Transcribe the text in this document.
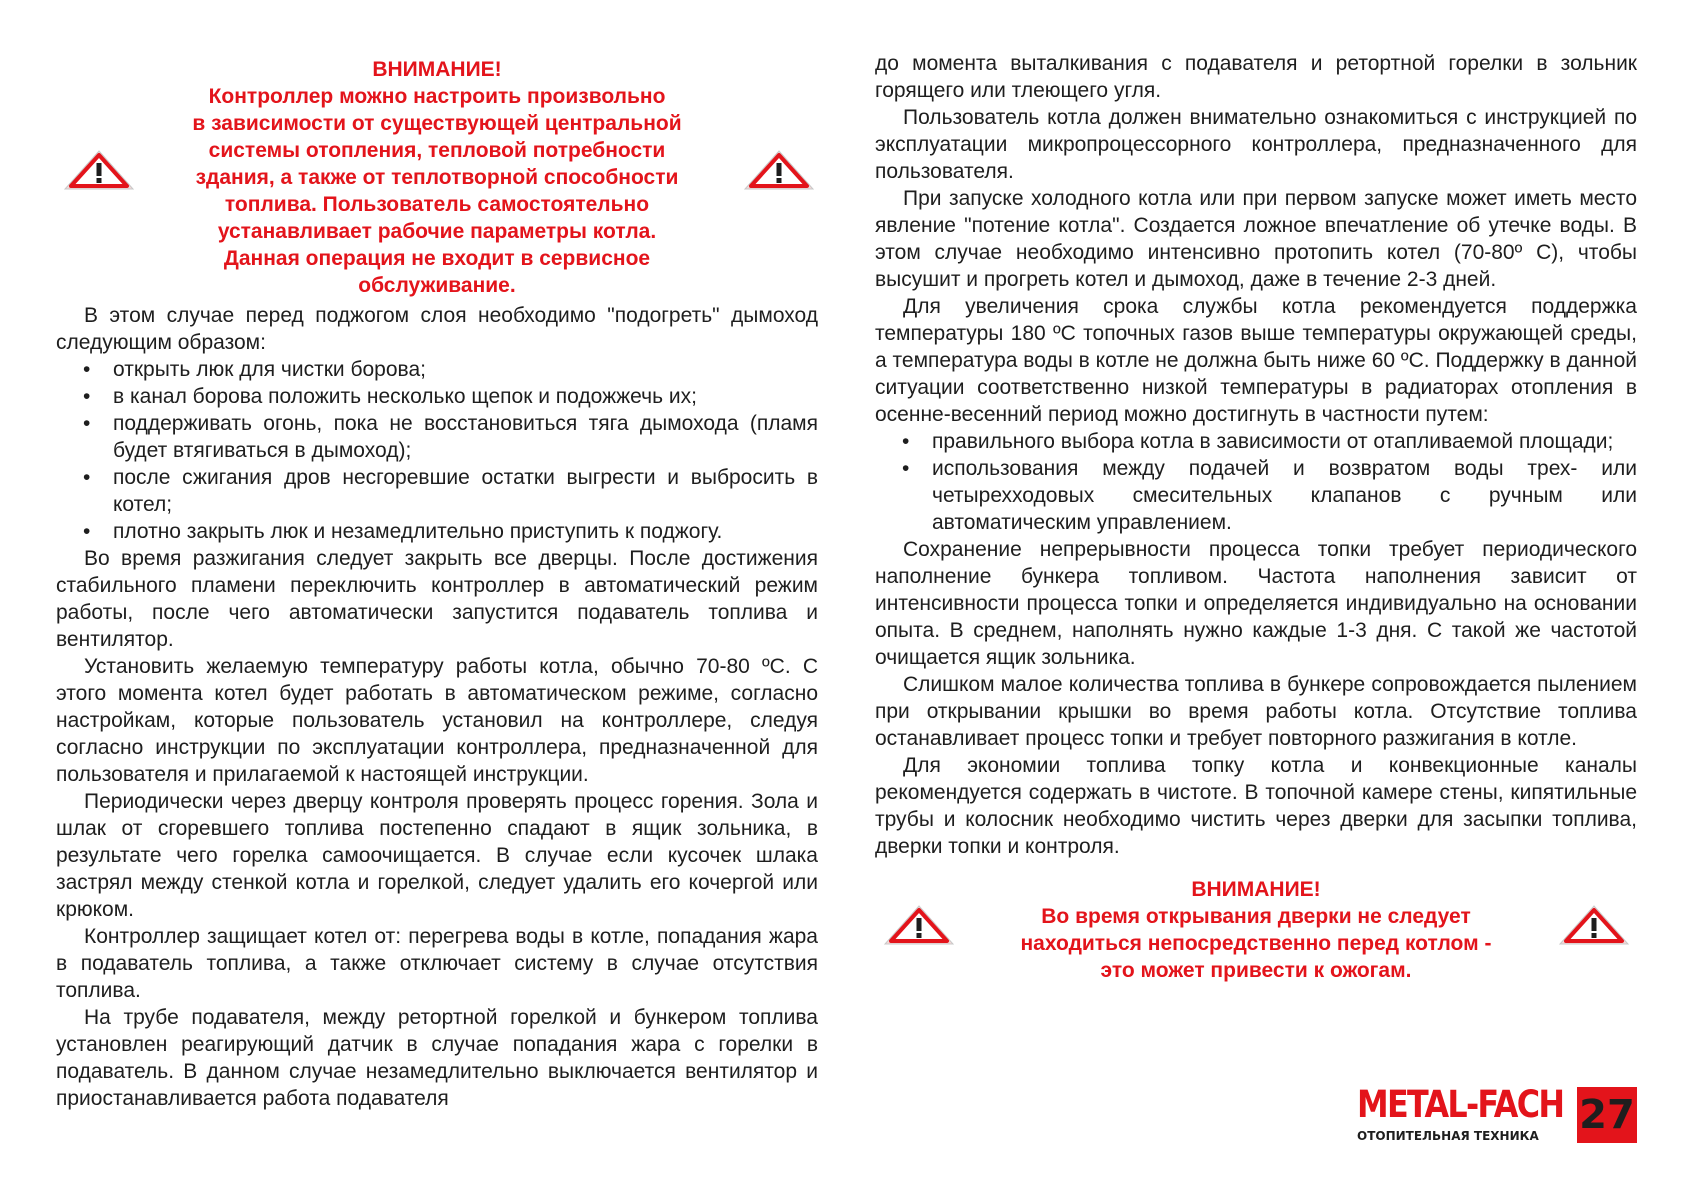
ВНИМАНИЕ!
Контроллер можно настроить произвольно
в зависимости от существующей центральной
системы отопления, тепловой потребности
здания, а также от теплотворной способности
топлива. Пользователь самостоятельно
устанавливает рабочие параметры котла.
Данная операция не входит в сервисное
обслуживание.

В этом случае перед поджогом слоя необходимо "подогреть" дымоход следующим образом:

• открыть люк для чистки борова;
• в канал борова положить несколько щепок и подожжечь их;
• поддерживать огонь, пока не восстановиться тяга дымохода (пламя будет втягиваться в дымоход);
• после сжигания дров несгоревшие остатки выгрести и выбросить в котел;
• плотно закрыть люк и незамедлительно приступить к поджогу.

Во время разжигания следует закрыть все дверцы. После достижения стабильного пламени переключить контроллер в автоматический режим работы, после чего автоматически запустится подаватель топлива и вентилятор.

Установить желаемую температуру работы котла, обычно 70-80 ºС. С этого момента котел будет работать в автоматическом режиме, согласно настройкам, которые пользователь установил на контроллере, следуя согласно инструкции по эксплуатации контроллера, предназначенной для пользователя и прилагаемой к настоящей инструкции.

Периодически через дверцу контроля проверять процесс горения. Зола и шлак от сгоревшего топлива постепенно спадают в ящик зольника, в результате чего горелка самоочищается. В случае если кусочек шлака застрял между стенкой котла и горелкой, следует удалить его кочергой или крюком.

Контроллер защищает котел от: перегрева воды в котле, попадания жара в подаватель топлива, а также отключает систему в случае отсутствия топлива.

На трубе подавателя, между ретортной горелкой и бункером топлива установлен реагирующий датчик в случае попадания жара с горелки в подаватель. В данном случае незамедлительно выключается вентилятор и приостанавливается работа подавателя

до момента выталкивания с подавателя и ретортной горелки в зольник горящего или тлеющего угля.

Пользователь котла должен внимательно ознакомиться с инструкцией по эксплуатации микропроцессорного контроллера, предназначенного для пользователя.

При запуске холодного котла или при первом запуске может иметь место явление "потение котла". Создается ложное впечатление об утечке воды. В этом случае необходимо интенсивно протопить котел (70-80º С), чтобы высушит и прогреть котел и дымоход, даже в течение 2-3 дней.

Для увеличения срока службы котла рекомендуется поддержка температуры 180 ºC топочных газов выше температуры окружающей среды, а температура воды в котле не должна быть ниже 60 ºС. Поддержку в данной ситуации соответственно низкой температуры в радиаторах отопления в осенне-весенний период можно достигнуть в частности путем:

• правильного выбора котла в зависимости от отапливаемой площади;
• использования между подачей и возвратом воды трех- или четырехходовых смесительных клапанов с ручным или автоматическим управлением.

Сохранение непрерывности процесса топки требует периодического наполнение бункера топливом. Частота наполнения зависит от интенсивности процесса топки и определяется индивидуально на основании опыта. В среднем, наполнять нужно каждые 1-3 дня. С такой же частотой очищается ящик зольника.

Слишком малое количества топлива в бункере сопровождается пылением при открывании крышки во время работы котла. Отсутствие топлива останавливает процесс топки и требует повторного разжигания в котле.

Для экономии топлива топку котла и конвекционные каналы рекомендуется содержать в чистоте. В топочной камере стены, кипятильные трубы и колосник необходимо чистить через дверки для засыпки топлива, дверки топки и контроля.

ВНИМАНИЕ!
Во время открывания дверки не следует
находиться непосредственно перед котлом -
это может привести к ожогам.
METAL-FACH
ОТОПИТЕЛЬНАЯ ТЕХНИКА	27
